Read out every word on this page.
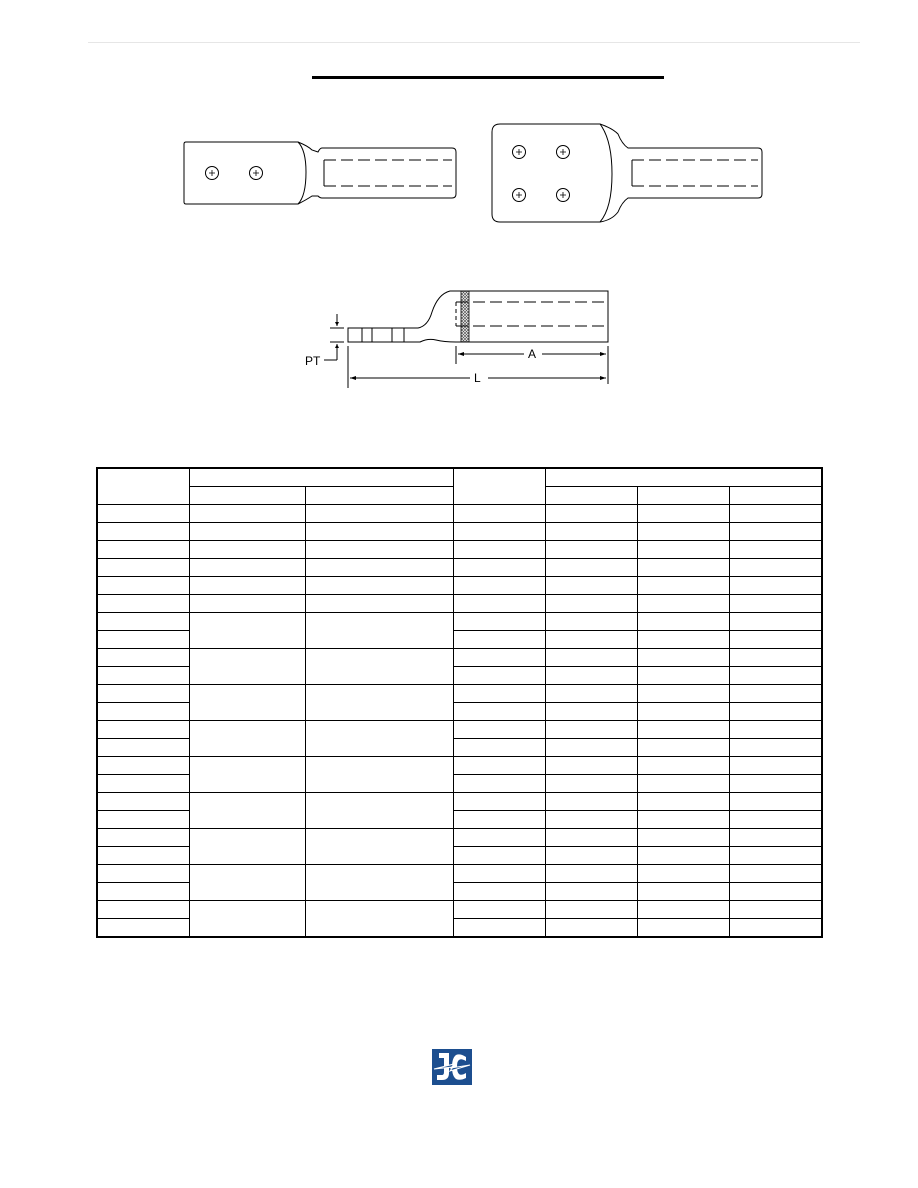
PT	A
L
